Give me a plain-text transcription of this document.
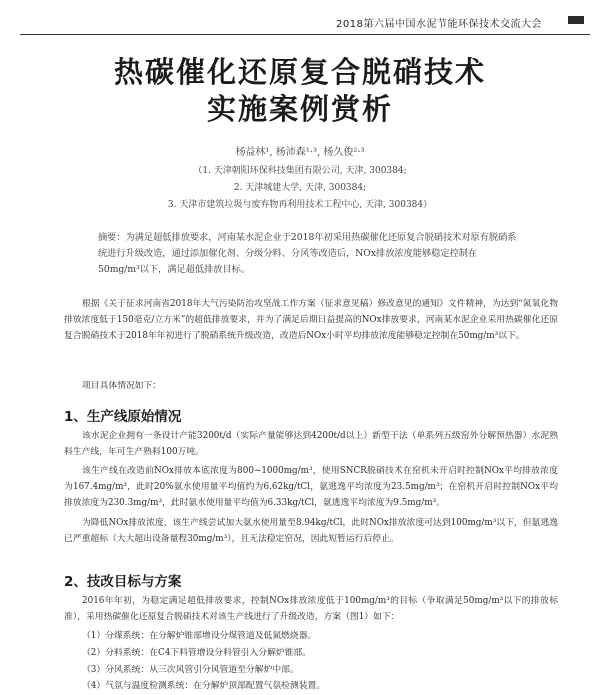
2018第六届中国水泥节能环保技术交流大会
热碳催化还原复合脱硝技术
实施案例赏析
杨益林¹, 杨沛森¹·³, 杨久俊²·³
（1. 天津朝阳环保科技集团有限公司, 天津, 300384;
2. 天津城建大学, 天津, 300384;
3. 天津市建筑垃圾与废弃物再利用技术工程中心, 天津, 300384）
摘要：为满足超低排放要求，河南某水泥企业于2018年初采用热碳催化还原复合脱硝技术对原有脱硝系统进行升级改造，通过添加催化剂、分级分料、分风等改造后，NOx排放浓度能够稳定控制在50mg/m³以下，满足超低排放目标。
根据《关于征求河南省2018年大气污染防治攻坚战工作方案（征求意见稿）修改意见的通知》文件精神，为达到“氮氧化物排放浓度低于150毫克/立方米”的超低排放要求，并为了满足后期日益提高的NOx排放要求，河南某水泥企业采用热碳催化还原复合脱硝技术于2018年年初进行了脱硝系统升级改造，改造后NOx小时平均排放浓度能够稳定控制在50mg/m³以下。
项目具体情况如下：
1、生产线原始情况
该水泥企业拥有一条设计产能3200t/d（实际产量能够达到4200t/d以上）新型干法（单系列五级窑外分解预热器）水泥熟料生产线，年可生产熟料100万吨。
该生产线在改造前NOx排放本底浓度为800~1000mg/m³，使用SNCR脱硝技术在窑机未开启时控制NOx平均排放浓度为167.4mg/m³，此时20%氨水使用量平均值约为6.62kg/tCl，氨逃逸平均浓度为23.5mg/m³；在窑机开启时控制NOx平均排放浓度为230.3mg/m³，此时氨水使用量平均值为6.33kg/tCl，氨逃逸平均浓度为9.5mg/m³。
为降低NOx排放浓度，该生产线尝试加大氨水使用量至8.94kg/tCl，此时NOx排放浓度可达到100mg/m³以下，但氨逃逸已严重超标（大大超出设备量程30mg/m³），且无法稳定窑况，因此短暂运行后停止。
2、技改目标与方案
2016年年初，为稳定满足超低排放要求，控制NOx排放浓度低于100mg/m³的目标（争取满足50mg/m³以下的排放标准），采用热碳催化还原复合脱硝技术对该生产线进行了升级改造，方案（图1）如下：
（1）分煤系统：在分解炉锥部增设分煤管道及低氮燃烧器。
（2）分料系统：在C4下料管增设分料管引入分解炉锥部。
（3）分风系统：从三次风管引分风管道至分解炉中部。
（4）气氛与温度检测系统：在分解炉顶部配置气氛检测装置。
